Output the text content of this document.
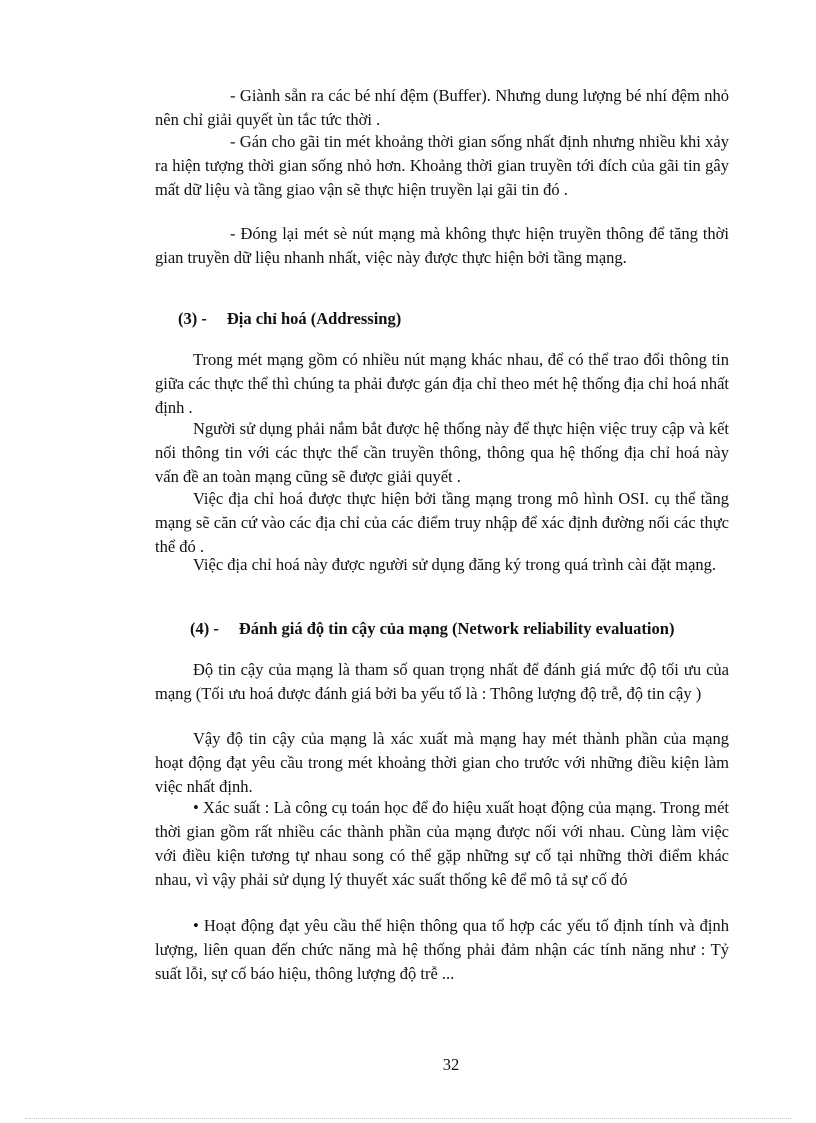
- Giành sẵn ra các bé nhí đệm (Buffer). Nhưng dung lượng bé nhí đệm nhỏ nên chỉ giải quyết ùn tắc tức thời .

- Gán cho gãi tin mét khoảng thời gian sống nhất định nhưng nhiều khi xảy ra hiện tượng thời gian sống nhỏ hơn. Khoảng thời gian truyền tới đích của gãi tin gây mất dữ liệu và tầng giao vận sẽ thực hiện truyền lại gãi tin đó .

- Đóng lại mét sè nút mạng mà không thực hiện truyền thông để tăng thời gian truyền dữ liệu nhanh nhất, việc này được thực hiện bởi tầng mạng.

(3) - Địa chỉ hoá (Addressing)

Trong mét mạng gồm có nhiều nút mạng khác nhau, để có thể trao đổi thông tin giữa các thực thể thì chúng ta phải được gán địa chỉ theo mét hệ thống địa chỉ hoá nhất định .

Người sử dụng phải nắm bắt được hệ thống này để thực hiện việc truy cập và kết nối thông tin với các thực thể cần truyền thông, thông qua hệ thống địa chỉ hoá này vấn đề an toàn mạng cũng sẽ được giải quyết .

Việc địa chỉ hoá được thực hiện bởi tầng mạng trong mô hình OSI. cụ thể tầng mạng sẽ căn cứ vào các địa chỉ của các điểm truy nhập để xác định đường nối các thực thể đó .

Việc địa chỉ hoá này được người sử dụng đăng ký trong quá trình cài đặt mạng.

(4) - Đánh giá độ tin cậy của mạng (Network reliability evaluation)

Độ tin cậy của mạng là tham số quan trọng nhất để đánh giá mức độ tối ưu của mạng (Tối ưu hoá được đánh giá bởi ba yếu tố là : Thông lượng độ trễ, độ tin cậy )

Vậy độ tin cậy của mạng là xác xuất mà mạng hay mét thành phần của mạng hoạt động đạt yêu cầu trong mét khoảng thời gian cho trước với những điều kiện làm việc nhất định.

• Xác suất : Là công cụ toán học để đo hiệu xuất hoạt động của mạng. Trong mét thời gian gồm rất nhiều các thành phần của mạng được nối với nhau. Cùng làm việc với điều kiện tương tự nhau song có thể gặp những sự cố tại những thời điểm khác nhau, vì vậy phải sử dụng lý thuyết xác suất thống kê để mô tả sự cố đó

• Hoạt động đạt yêu cầu thể hiện thông qua tổ hợp các yếu tố định tính và định lượng, liên quan đến chức năng mà hệ thống phải đảm nhận các tính năng như : Tỷ suất lỗi, sự cố báo hiệu, thông lượng độ trễ ...

32
